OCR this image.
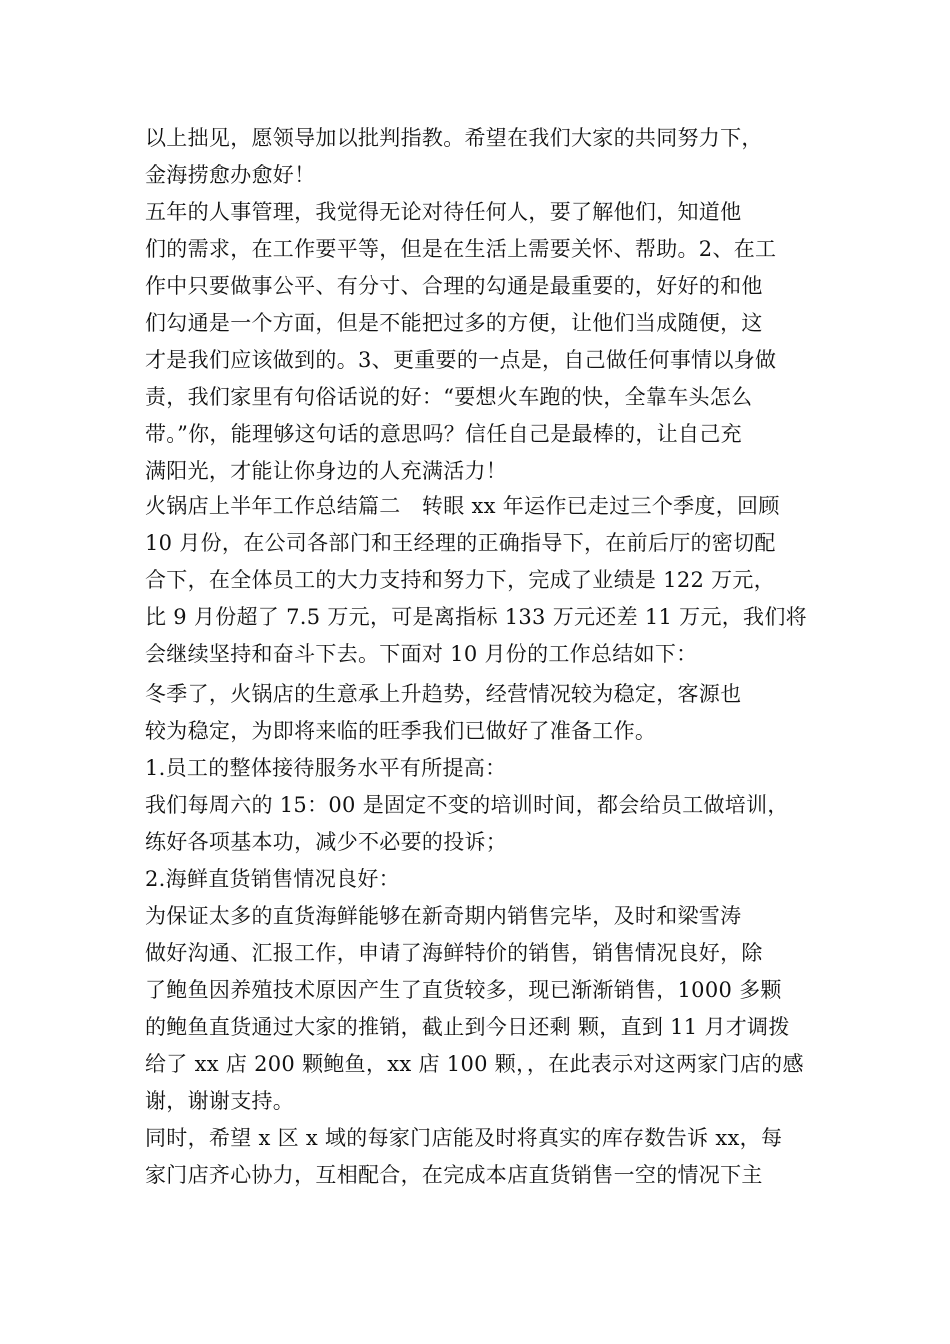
以上拙见，愿领导加以批判指教。希望在我们大家的共同努力下，
金海捞愈办愈好！
五年的人事管理，我觉得无论对待任何人，要了解他们，知道他
们的需求，在工作要平等，但是在生活上需要关怀、帮助。2、在工
作中只要做事公平、有分寸、合理的勾通是最重要的，好好的和他
们勾通是一个方面，但是不能把过多的方便，让他们当成随便，这
才是我们应该做到的。3、更重要的一点是，自己做任何事情以身做
责，我们家里有句俗话说的好：“要想火车跑的快，全靠车头怎么
带。”你，能理够这句话的意思吗？信任自己是最棒的，让自己充
满阳光，才能让你身边的人充满活力！
火锅店上半年工作总结篇二　转眼 xx 年运作已走过三个季度，回顾
10 月份，在公司各部门和王经理的正确指导下，在前后厅的密切配
合下，在全体员工的大力支持和努力下，完成了业绩是 122 万元，
比 9 月份超了 7.5 万元，可是离指标 133 万元还差 11 万元，我们将
会继续坚持和奋斗下去。下面对 10 月份的工作总结如下：
冬季了，火锅店的生意承上升趋势，经营情况较为稳定，客源也
较为稳定，为即将来临的旺季我们已做好了准备工作。
1.员工的整体接待服务水平有所提高：
我们每周六的 15：00 是固定不变的培训时间，都会给员工做培训，
练好各项基本功，减少不必要的投诉；
2.海鲜直货销售情况良好：
为保证太多的直货海鲜能够在新奇期内销售完毕，及时和梁雪涛
做好沟通、汇报工作，申请了海鲜特价的销售，销售情况良好，除
了鲍鱼因养殖技术原因产生了直货较多，现已渐渐销售，1000 多颗
的鲍鱼直货通过大家的推销，截止到今日还剩 颗，直到 11 月才调拨
给了 xx 店 200 颗鲍鱼，xx 店 100 颗，，在此表示对这两家门店的感
谢，谢谢支持。
同时，希望 x 区 x 域的每家门店能及时将真实的库存数告诉 xx，每
家门店齐心协力，互相配合，在完成本店直货销售一空的情况下主
